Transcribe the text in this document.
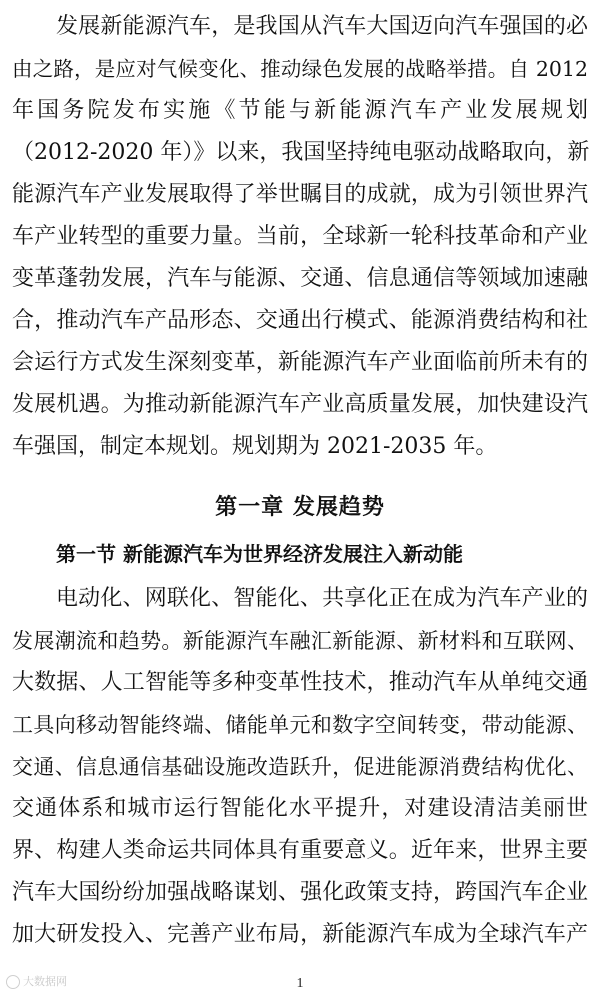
发展新能源汽车，是我国从汽车大国迈向汽车强国的必
由之路，是应对气候变化、推动绿色发展的战略举措。自 2012
年国务院发布实施《节能与新能源汽车产业发展规划
（2012-2020 年）》以来，我国坚持纯电驱动战略取向，新
能源汽车产业发展取得了举世瞩目的成就，成为引领世界汽
车产业转型的重要力量。当前，全球新一轮科技革命和产业
变革蓬勃发展，汽车与能源、交通、信息通信等领域加速融
合，推动汽车产品形态、交通出行模式、能源消费结构和社
会运行方式发生深刻变革，新能源汽车产业面临前所未有的
发展机遇。为推动新能源汽车产业高质量发展，加快建设汽
车强国，制定本规划。规划期为 2021-2035 年。
第一章 发展趋势
第一节 新能源汽车为世界经济发展注入新动能
电动化、网联化、智能化、共享化正在成为汽车产业的
发展潮流和趋势。新能源汽车融汇新能源、新材料和互联网、
大数据、人工智能等多种变革性技术，推动汽车从单纯交通
工具向移动智能终端、储能单元和数字空间转变，带动能源、
交通、信息通信基础设施改造跃升，促进能源消费结构优化、
交通体系和城市运行智能化水平提升，对建设清洁美丽世
界、构建人类命运共同体具有重要意义。近年来，世界主要
汽车大国纷纷加强战略谋划、强化政策支持，跨国汽车企业
加大研发投入、完善产业布局，新能源汽车成为全球汽车产
大数据网	1
